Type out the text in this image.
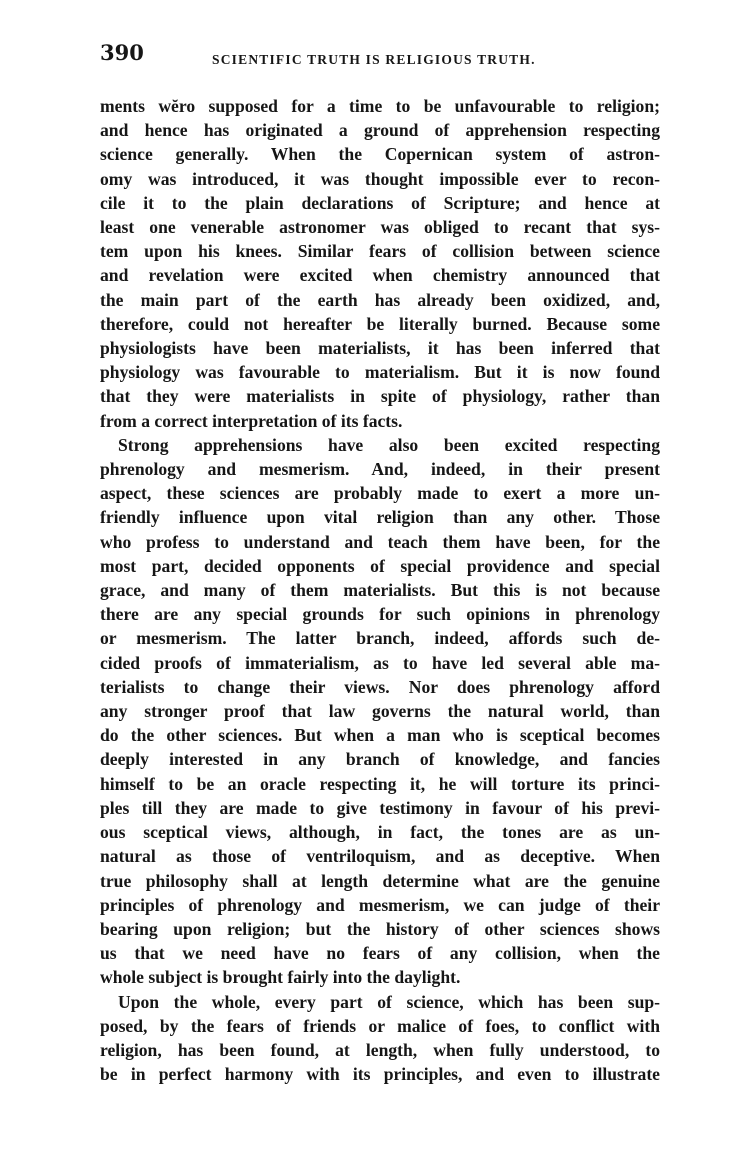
390	SCIENTIFIC TRUTH IS RELIGIOUS TRUTH.
ments wĕro supposed for a time to be unfavourable to religion;
and hence has originated a ground of apprehension respecting
science generally. When the Copernican system of astron-
omy was introduced, it was thought impossible ever to recon-
cile it to the plain declarations of Scripture; and hence at
least one venerable astronomer was obliged to recant that sys-
tem upon his knees. Similar fears of collision between science
and revelation were excited when chemistry announced that
the main part of the earth has already been oxidized, and,
therefore, could not hereafter be literally burned. Because some
physiologists have been materialists, it has been inferred that
physiology was favourable to materialism. But it is now found
that they were materialists in spite of physiology, rather than
from a correct interpretation of its facts.
Strong apprehensions have also been excited respecting
phrenology and mesmerism. And, indeed, in their present
aspect, these sciences are probably made to exert a more un-
friendly influence upon vital religion than any other. Those
who profess to understand and teach them have been, for the
most part, decided opponents of special providence and special
grace, and many of them materialists. But this is not because
there are any special grounds for such opinions in phrenology
or mesmerism. The latter branch, indeed, affords such de-
cided proofs of immaterialism, as to have led several able ma-
terialists to change their views. Nor does phrenology afford
any stronger proof that law governs the natural world, than
do the other sciences. But when a man who is sceptical becomes
deeply interested in any branch of knowledge, and fancies
himself to be an oracle respecting it, he will torture its princi-
ples till they are made to give testimony in favour of his previ-
ous sceptical views, although, in fact, the tones are as un-
natural as those of ventriloquism, and as deceptive. When
true philosophy shall at length determine what are the genuine
principles of phrenology and mesmerism, we can judge of their
bearing upon religion; but the history of other sciences shows
us that we need have no fears of any collision, when the
whole subject is brought fairly into the daylight.
Upon the whole, every part of science, which has been sup-
posed, by the fears of friends or malice of foes, to conflict with
religion, has been found, at length, when fully understood, to
be in perfect harmony with its principles, and even to illustrate
